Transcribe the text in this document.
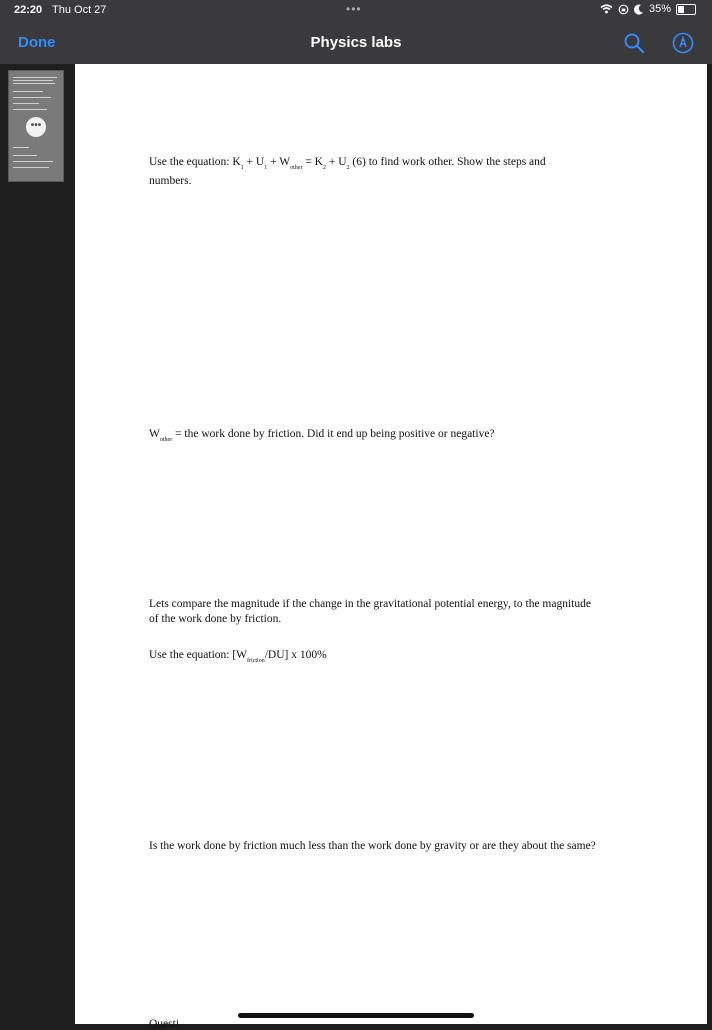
22:20 Thu Oct 27	•••	35%
Done	Physics labs
•••
Use the equation: $K_1 + U_1 + W_{other} = K_2 + U_2$ (6) to find work other. Show the steps and
numbers.
$W_{other}$ = the work done by friction. Did it end up being positive or negative?
Lets compare the magnitude if the change in the gravitational potential energy, to the magnitude
of the work done by friction.
Use the equation: $[W_{friction}/DU]$ x 100%
Is the work done by friction much less than the work done by gravity or are they about the same?
Questi
